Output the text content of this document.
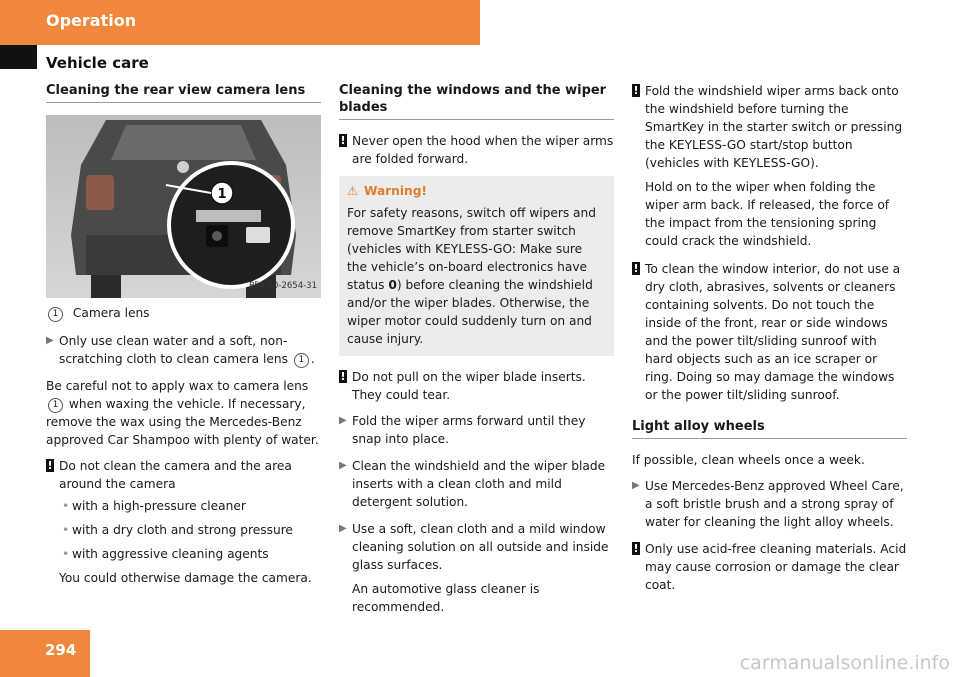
Operation
Vehicle care
Cleaning the rear view camera lens
1
P54.00-2654-31
1 Camera lens
▶ Only use clean water and a soft, non-scratching cloth to clean camera lens 1 .

Be careful not to apply wax to camera lens 1 when waxing the vehicle. If necessary, remove the wax using the Mercedes-Benz approved Car Shampoo with plenty of water.

! Do not clean the camera and the area around the camera
• with a high-pressure cleaner
• with a dry cloth and strong pressure
• with aggressive cleaning agents
You could otherwise damage the camera.
Cleaning the windows and the wiper blades
! Never open the hood when the wiper arms are folded forward.
⚠ Warning!
For safety reasons, switch off wipers and remove SmartKey from starter switch (vehicles with KEYLESS-GO: Make sure the vehicle’s on-board electronics have status 0) before cleaning the windshield and/or the wiper blades. Otherwise, the wiper motor could suddenly turn on and cause injury.
! Do not pull on the wiper blade inserts. They could tear.
▶ Fold the wiper arms forward until they snap into place.
▶ Clean the windshield and the wiper blade inserts with a clean cloth and mild detergent solution.
▶ Use a soft, clean cloth and a mild window cleaning solution on all outside and inside glass surfaces.
An automotive glass cleaner is recommended.
! Fold the windshield wiper arms back onto the windshield before turning the SmartKey in the starter switch or pressing the KEYLESS-GO start/stop button (vehicles with KEYLESS-GO).
Hold on to the wiper when folding the wiper arm back. If released, the force of the impact from the tensioning spring could crack the windshield.
! To clean the window interior, do not use a dry cloth, abrasives, solvents or cleaners containing solvents. Do not touch the inside of the front, rear or side windows and the power tilt/sliding sunroof with hard objects such as an ice scraper or ring. Doing so may damage the windows or the power tilt/sliding sunroof.
Light alloy wheels

If possible, clean wheels once a week.

▶ Use Mercedes-Benz approved Wheel Care, a soft bristle brush and a strong spray of water for cleaning the light alloy wheels.
! Only use acid-free cleaning materials. Acid may cause corrosion or damage the clear coat.
294
carmanualsonline.info
